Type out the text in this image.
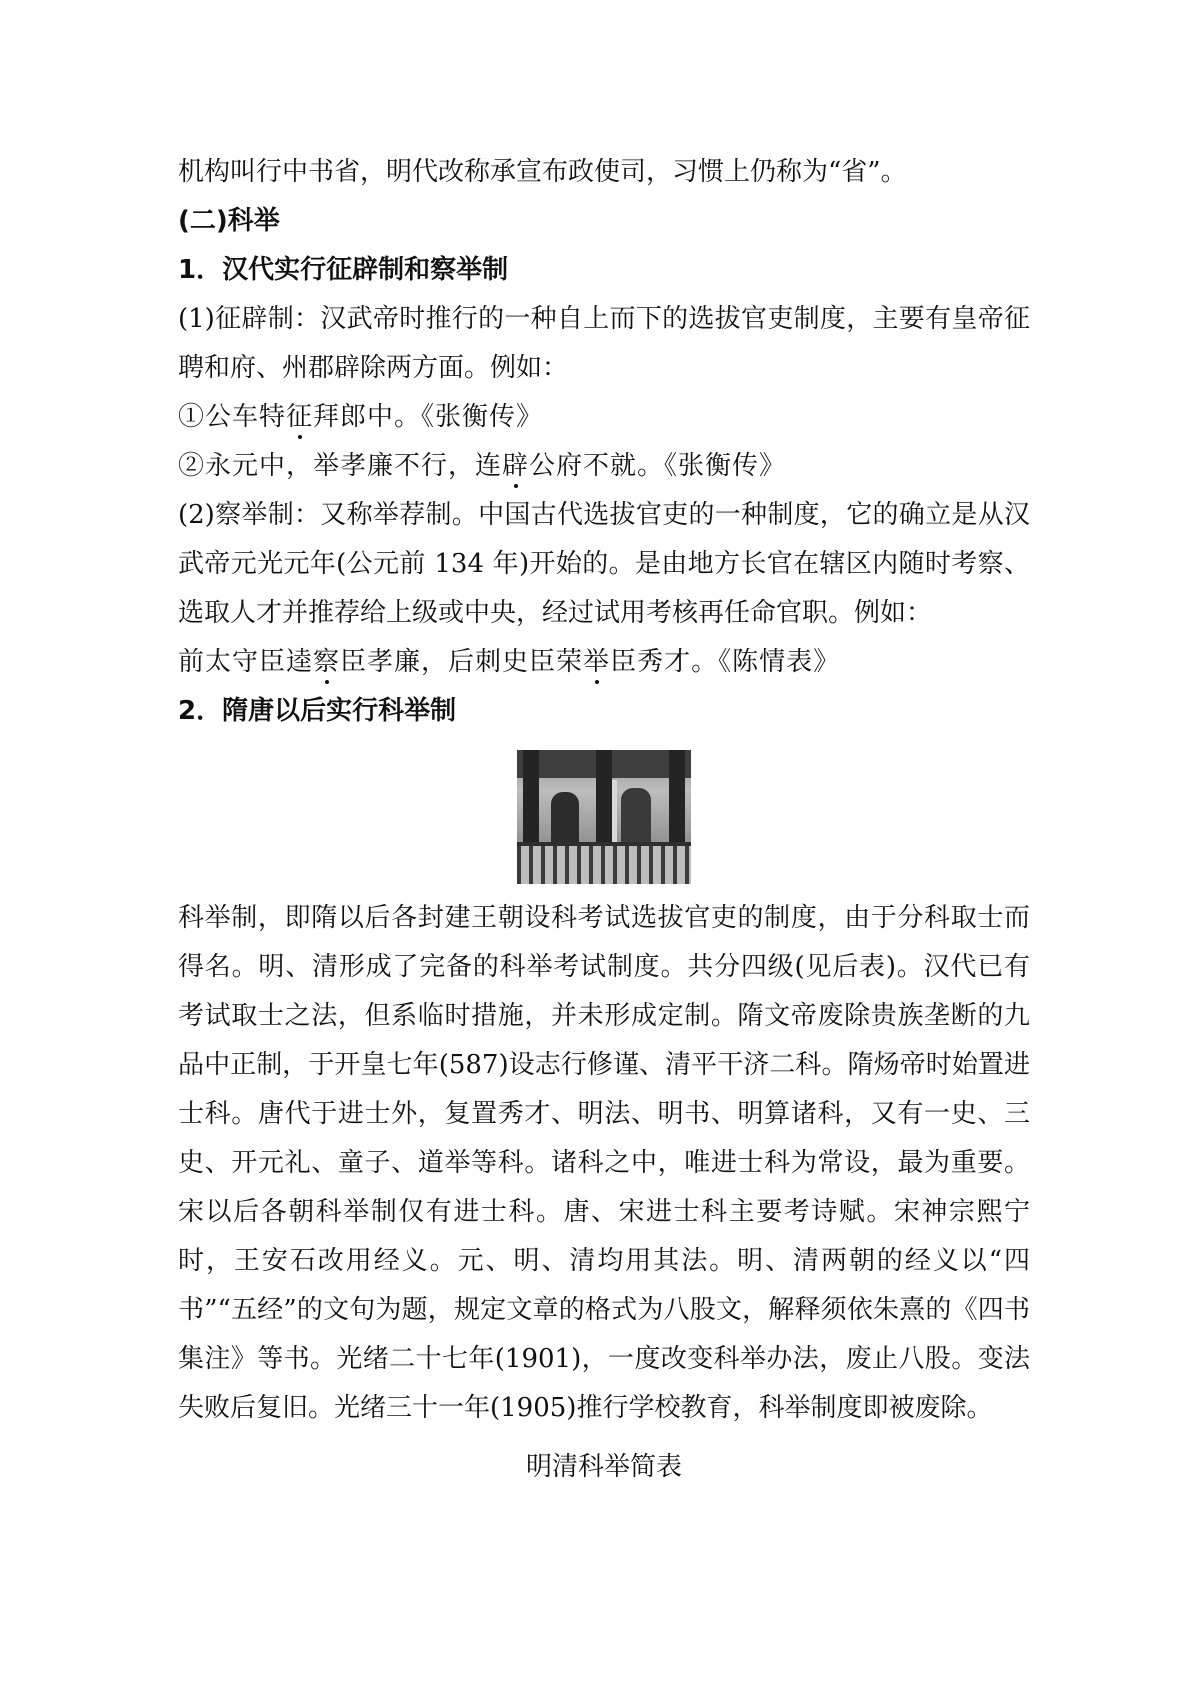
机构叫行中书省，明代改称承宣布政使司，习惯上仍称为“省”。

(二)科举

1．汉代实行征辟制和察举制

(1)征辟制：汉武帝时推行的一种自上而下的选拔官吏制度，主要有皇帝征聘和府、州郡辟除两方面。例如：

①公车特征拜郎中。《张衡传》

②永元中，举孝廉不行，连辟公府不就。《张衡传》

(2)察举制：又称举荐制。中国古代选拔官吏的一种制度，它的确立是从汉武帝元光元年(公元前 134 年)开始的。是由地方长官在辖区内随时考察、选取人才并推荐给上级或中央，经过试用考核再任命官职。例如：

前太守臣逵察臣孝廉，后刺史臣荣举臣秀才。《陈情表》

2．隋唐以后实行科举制

科举制，即隋以后各封建王朝设科考试选拔官吏的制度，由于分科取士而得名。明、清形成了完备的科举考试制度。共分四级(见后表)。汉代已有考试取士之法，但系临时措施，并未形成定制。隋文帝废除贵族垄断的九品中正制，于开皇七年(587)设志行修谨、清平干济二科。隋炀帝时始置进士科。唐代于进士外，复置秀才、明法、明书、明算诸科，又有一史、三史、开元礼、童子、道举等科。诸科之中，唯进士科为常设，最为重要。宋以后各朝科举制仅有进士科。唐、宋进士科主要考诗赋。宋神宗熙宁时，王安石改用经义。元、明、清均用其法。明、清两朝的经义以“四书”“五经”的文句为题，规定文章的格式为八股文，解释须依朱熹的《四书集注》等书。光绪二十七年(1901)，一度改变科举办法，废止八股。变法失败后复旧。光绪三十一年(1905)推行学校教育，科举制度即被废除。

明清科举简表
